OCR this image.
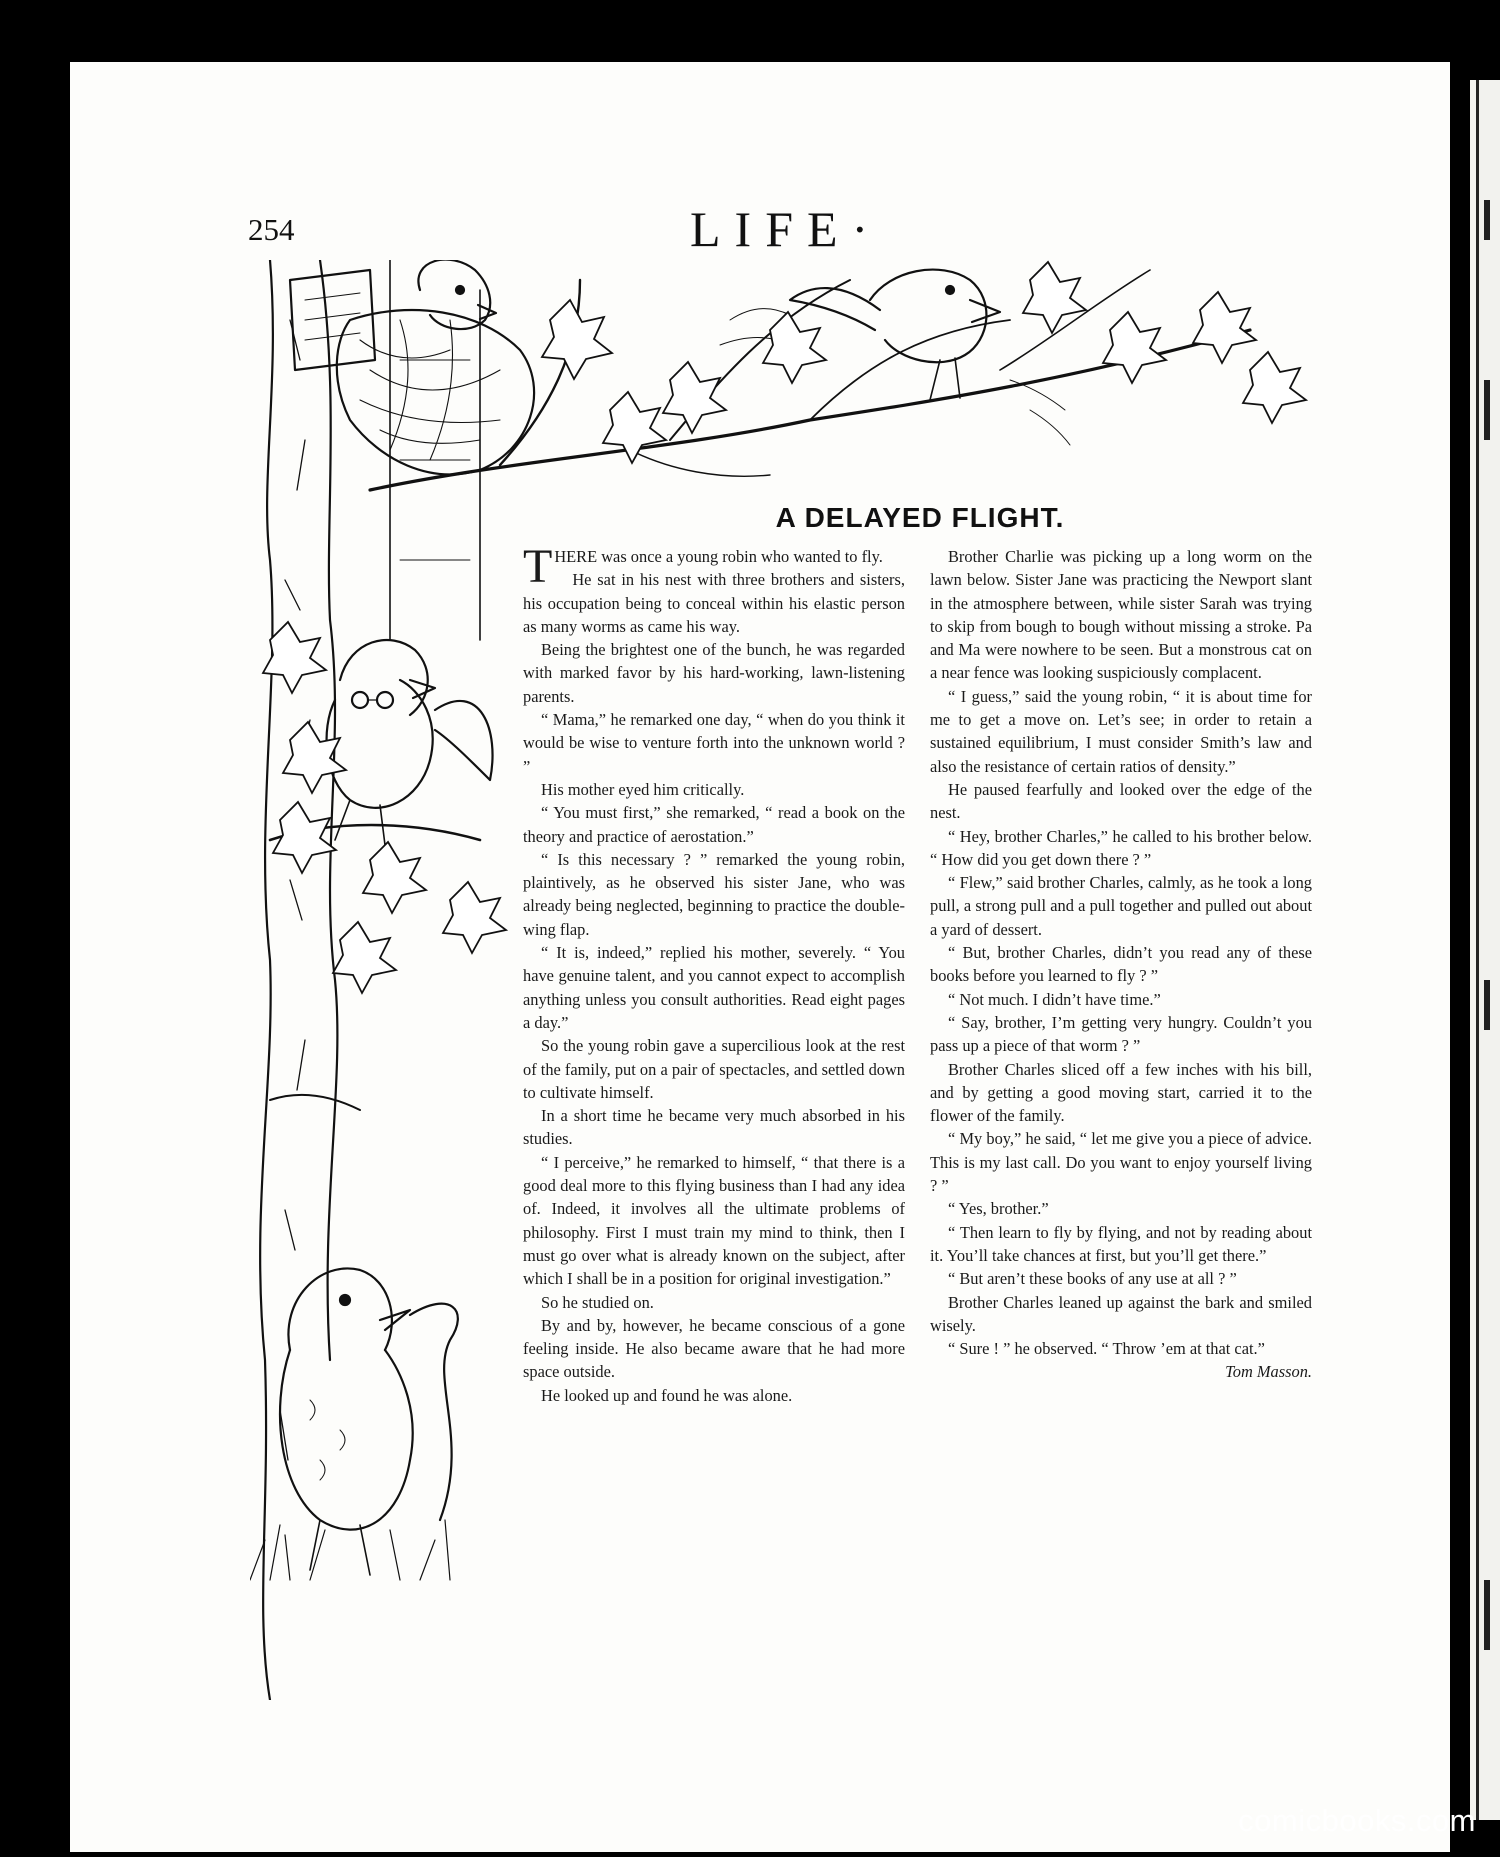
254	LIFE·
A DELAYED FLIGHT.

THERE was once a young robin who wanted to fly.

He sat in his nest with three brothers and sisters, his occupation being to conceal within his elastic person as many worms as came his way.

Being the brightest one of the bunch, he was regarded with marked favor by his hard-working, lawn-listening parents.

“ Mama,” he remarked one day, “ when do you think it would be wise to venture forth into the unknown world ? ”

His mother eyed him critically.

“ You must first,” she remarked, “ read a book on the theory and practice of aerostation.”

“ Is this necessary ? ” remarked the young robin, plaintively, as he observed his sister Jane, who was already being neglected, beginning to practice the double-wing flap.

“ It is, indeed,” replied his mother, severely. “ You have genuine talent, and you cannot expect to accomplish anything unless you consult authorities. Read eight pages a day.”

So the young robin gave a supercilious look at the rest of the family, put on a pair of spectacles, and settled down to cultivate himself.

In a short time he became very much absorbed in his studies.

“ I perceive,” he remarked to himself, “ that there is a good deal more to this flying business than I had any idea of. Indeed, it involves all the ultimate problems of philosophy. First I must train my mind to think, then I must go over what is already known on the subject, after which I shall be in a position for original investigation.”

So he studied on.

By and by, however, he became conscious of a gone feeling inside. He also became aware that he had more space outside.

He looked up and found he was alone.

Brother Charlie was picking up a long worm on the lawn below. Sister Jane was practicing the Newport slant in the atmosphere between, while sister Sarah was trying to skip from bough to bough without missing a stroke. Pa and Ma were nowhere to be seen. But a monstrous cat on a near fence was looking suspiciously complacent.

“ I guess,” said the young robin, “ it is about time for me to get a move on. Let’s see; in order to retain a sustained equilibrium, I must consider Smith’s law and also the resistance of certain ratios of density.”

He paused fearfully and looked over the edge of the nest.

“ Hey, brother Charles,” he called to his brother below. “ How did you get down there ? ”

“ Flew,” said brother Charles, calmly, as he took a long pull, a strong pull and a pull together and pulled out about a yard of dessert.

“ But, brother Charles, didn’t you read any of these books before you learned to fly ? ”

“ Not much. I didn’t have time.”

“ Say, brother, I’m getting very hungry. Couldn’t you pass up a piece of that worm ? ”

Brother Charles sliced off a few inches with his bill, and by getting a good moving start, carried it to the flower of the family.

“ My boy,” he said, “ let me give you a piece of advice. This is my last call. Do you want to enjoy yourself living ? ”

“ Yes, brother.”

“ Then learn to fly by flying, and not by reading about it. You’ll take chances at first, but you’ll get there.”

“ But aren’t these books of any use at all ? ”

Brother Charles leaned up against the bark and smiled wisely.

“ Sure ! ” he observed. “ Throw ’em at that cat.”

Tom Masson.
comicbooks.com
